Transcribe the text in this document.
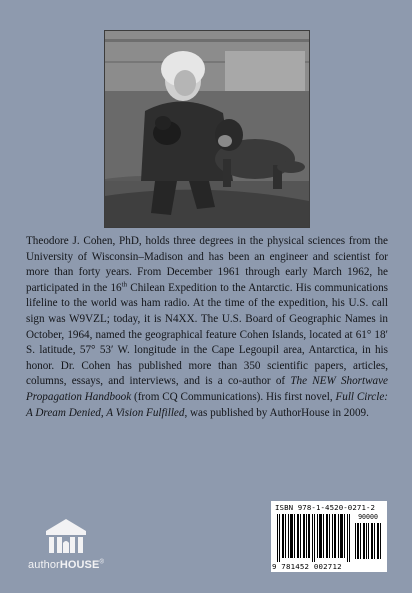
Theodore J. Cohen, PhD, holds three degrees in the physical sciences from the University of Wisconsin–Madison and has been an engineer and scientist for more than forty years. From December 1961 through early March 1962, he participated in the 16th Chilean Expedition to the Antarctic. His communications lifeline to the world was ham radio. At the time of the expedition, his U.S. call sign was W9VZL; today, it is N4XX. The U.S. Board of Geographic Names in October, 1964, named the geographical feature Cohen Islands, located at 61° 18′ S. latitude, 57° 53′ W. longitude in the Cape Legoupil area, Antarctica, in his honor. Dr. Cohen has published more than 350 scientific papers, articles, columns, essays, and interviews, and is a co-author of The NEW Shortwave Propagation Handbook (from CQ Communications). His first novel, Full Circle: A Dream Denied, A Vision Fulfilled, was published by AuthorHouse in 2009.

authorHOUSE®
ISBN 978-1-4520-0271-2
90000
9 781452 002712
